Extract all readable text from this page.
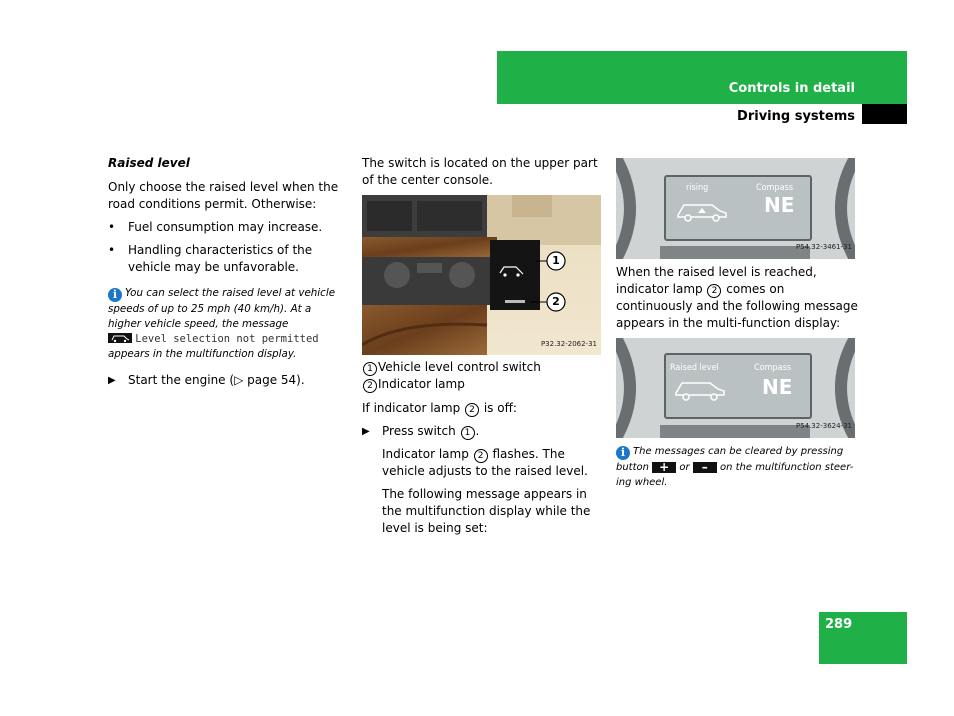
Controls in detail
Driving systems
289

Raised level

Only choose the raised level when the road conditions permit. Otherwise:

• Fuel consumption may increase.

• Handling characteristics of the vehicle may be unfavorable.

i You can select the raised level at vehicle speeds of up to 25 mph (40 km/h). At a higher vehicle speed, the message

Level selection not permitted
appears in the multifunction display.

▶ Start the engine (▷ page 54).

The switch is located on the upper part of the center console.

1
2
P32.32-2062-31
1 Vehicle level control switch
2 Indicator lamp

If indicator lamp 2 is off:

▶ Press switch 1 .

Indicator lamp 2 flashes. The vehicle adjusts to the raised level.

The following message appears in the multifunction display while the level is being set:

rising	Compass
NE
P54.32-3461-31

When the raised level is reached, indicator lamp 2 comes on continuously and the following message appears in the multi-function display:

Raised level	Compass
NE
P54.32-3624-31
i The messages can be cleared by pressing button + or – on the multifunction steer-ing wheel.
